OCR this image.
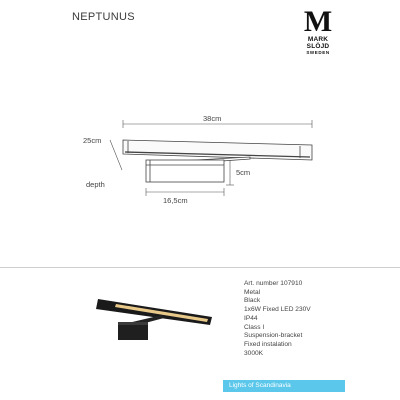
NEPTUNUS	M
MARK
SLÖJD
SWEDEN
38cm
25cm
depth
5cm
16,5cm
Art. number 107910
Metal
Black
1x6W Fixed LED 230V
IP44
Class I
Suspension-bracket
Fixed instalation
3000K
Lights of Scandinavia
